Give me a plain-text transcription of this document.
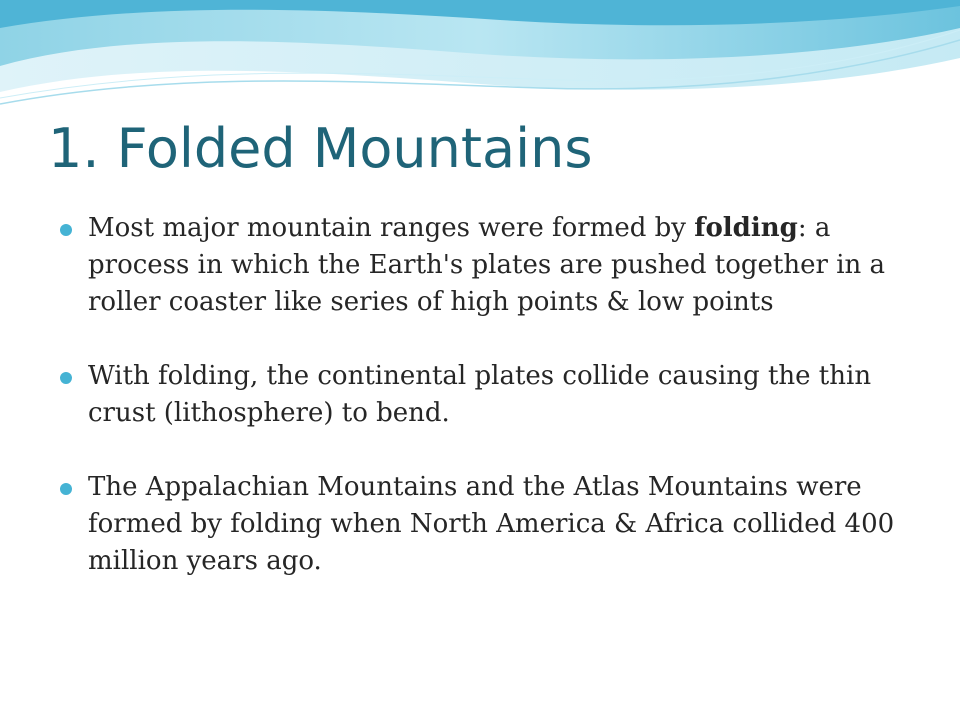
1. Folded Mountains
Most major mountain ranges were formed by folding: a process in which the Earth's plates are pushed together in a roller coaster like series of high points & low points
With folding, the continental plates collide causing the thin crust (lithosphere) to bend.
The Appalachian Mountains and the Atlas Mountains were formed by folding when North America & Africa collided 400 million years ago.
